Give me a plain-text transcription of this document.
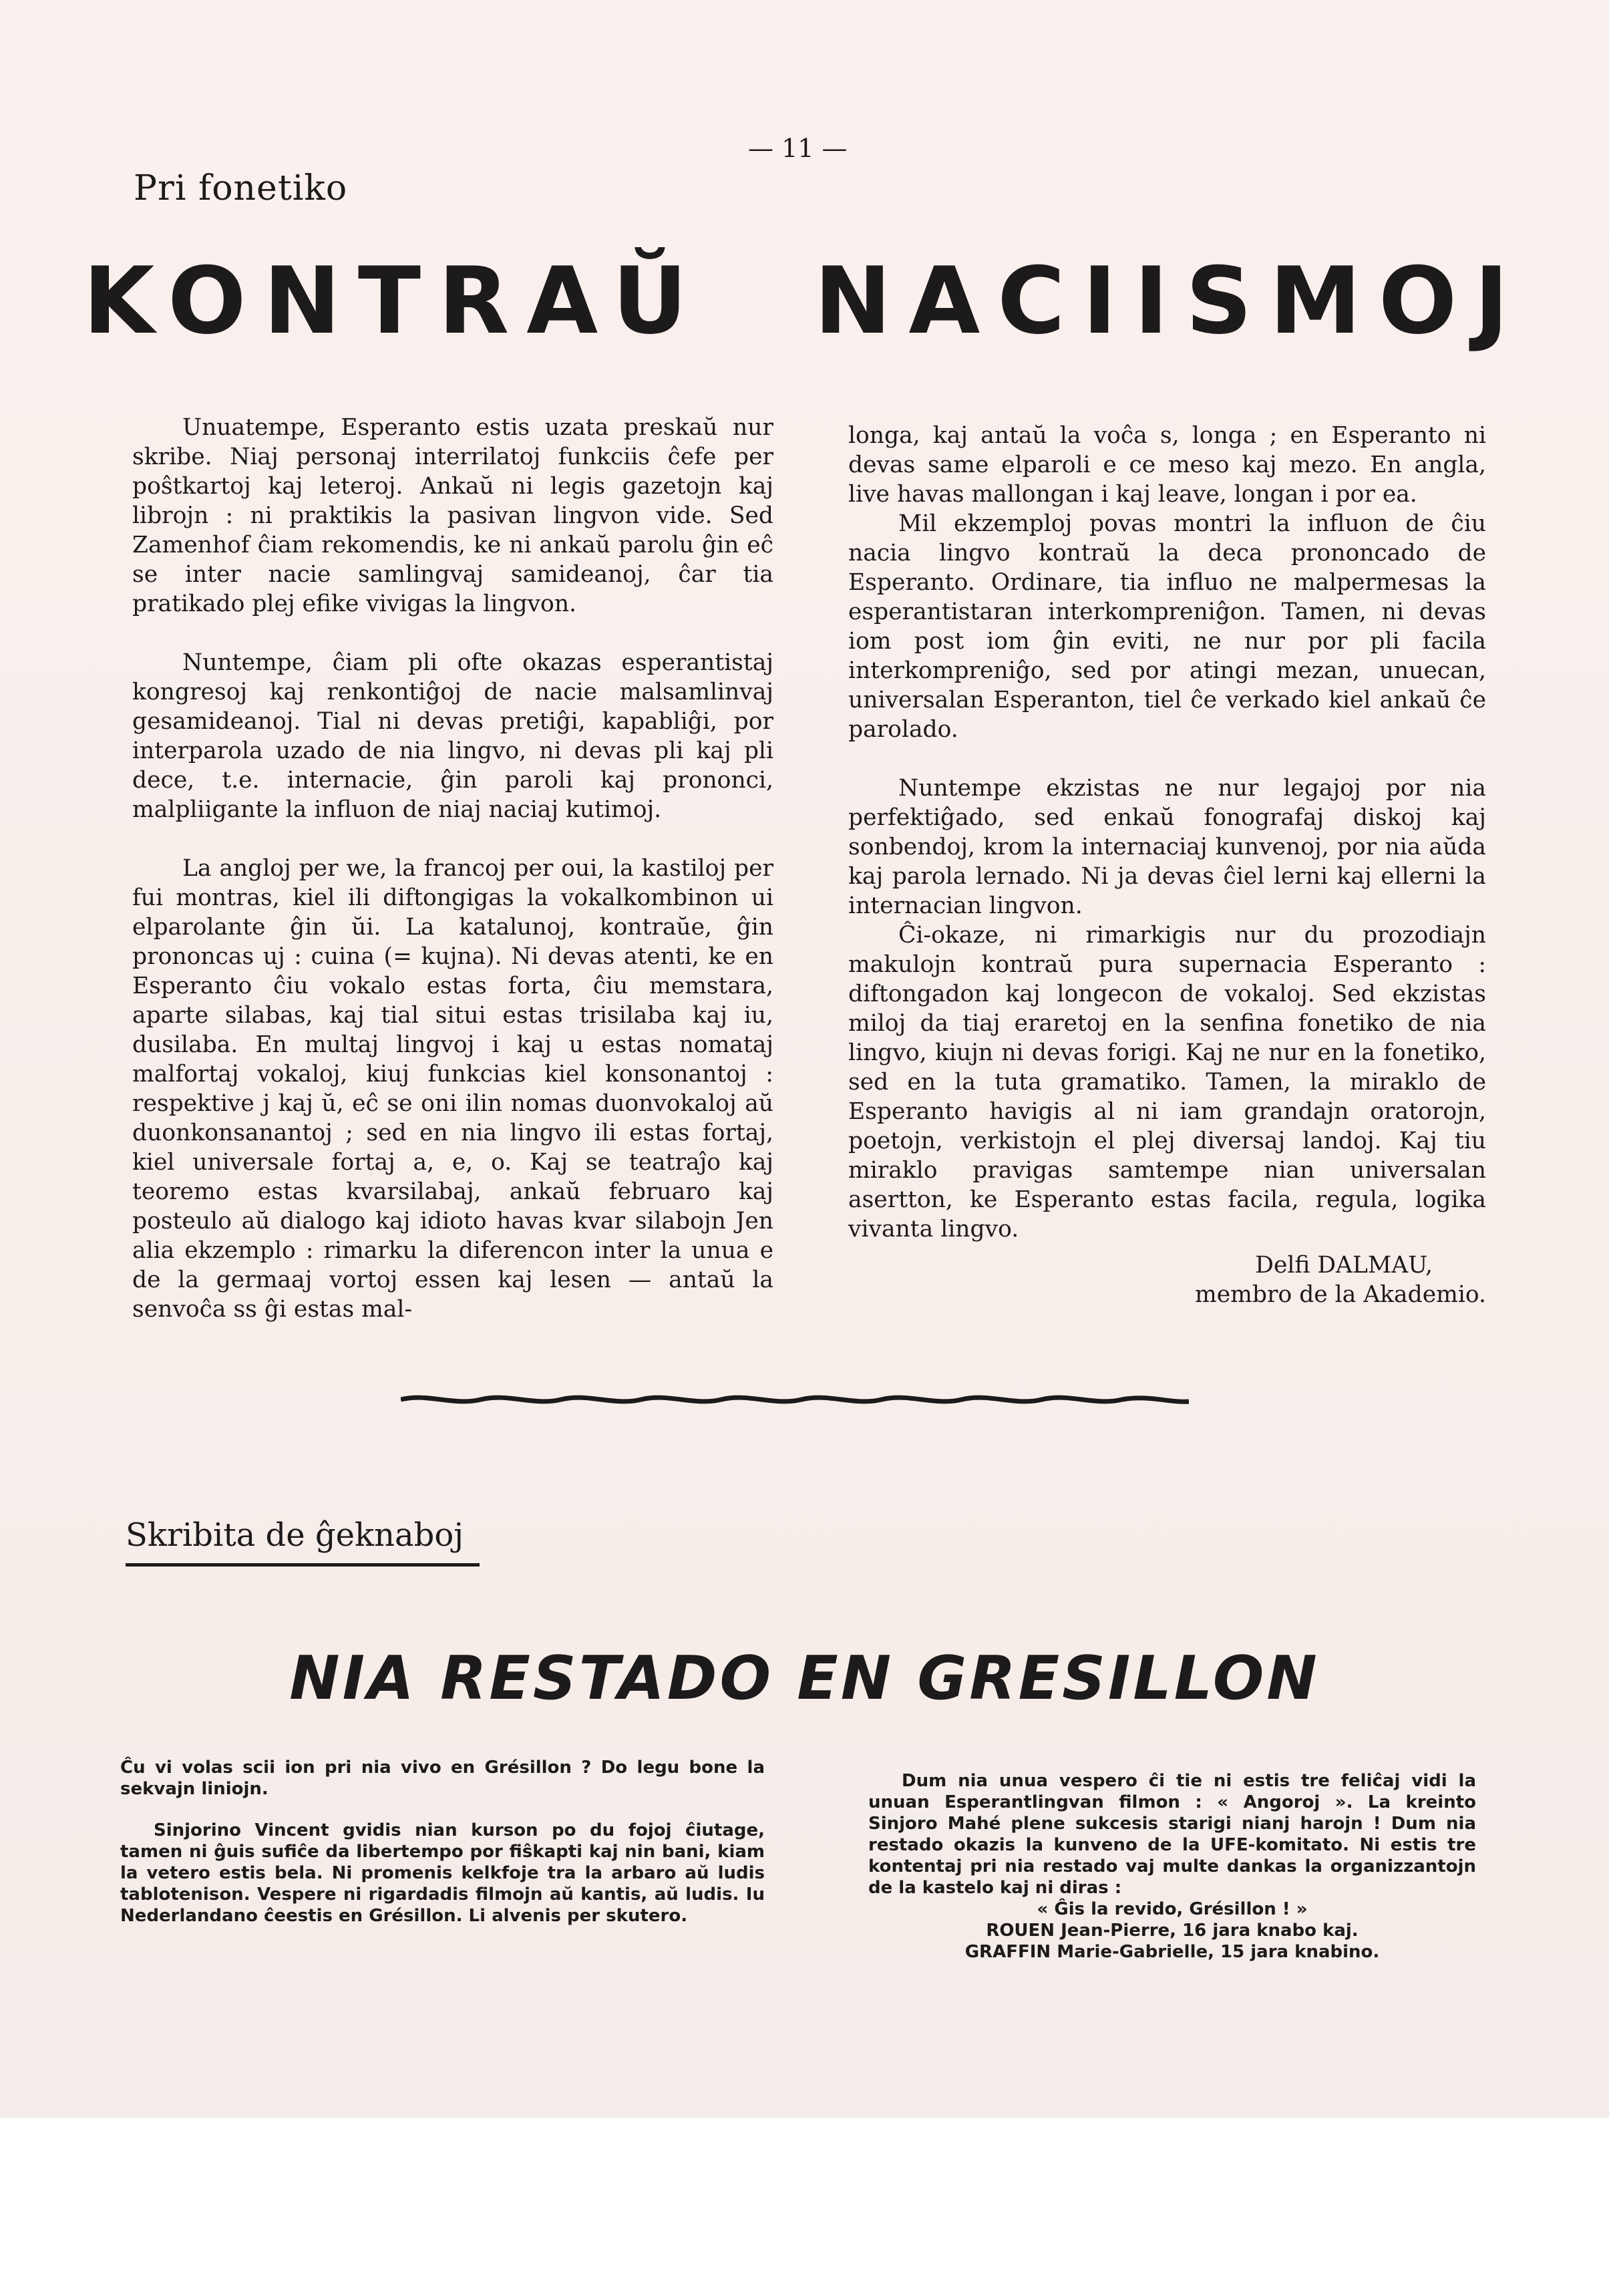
— 11 —
Pri fonetiko
KONTRAŬ NACIISMOJ

Unuatempe, Esperanto estis uzata preskaŭ nur skribe. Niaj personaj interrilatoj funkciis ĉefe per poŝtkartoj kaj leteroj. Ankaŭ ni legis gazetojn kaj librojn : ni praktikis la pasivan lingvon vide. Sed Zamenhof ĉiam rekomendis, ke ni ankaŭ parolu ĝin eĉ se inter nacie samlingvaj samideanoj, ĉar tia pratikado plej efike vivigas la lingvon.

Nuntempe, ĉiam pli ofte okazas esperantistaj kongresoj kaj renkontiĝoj de nacie malsamlinvaj gesamideanoj. Tial ni devas pretiĝi, kapabliĝi, por interparola uzado de nia lingvo, ni devas pli kaj pli dece, t.e. internacie, ĝin paroli kaj prononci, malpliigante la influon de niaj naciaj kutimoj.

La angloj per we, la francoj per oui, la kastiloj per fui montras, kiel ili diftongigas la vokalkombinon ui elparolante ĝin ŭi. La katalunoj, kontraŭe, ĝin prononcas uj : cuina (= kujna). Ni devas atenti, ke en Esperanto ĉiu vokalo estas forta, ĉiu memstara, aparte silabas, kaj tial situi estas trisilaba kaj iu, dusilaba. En multaj lingvoj i kaj u estas nomataj malfortaj vokaloj, kiuj funkcias kiel konsonantoj : respektive j kaj ŭ, eĉ se oni ilin nomas duonvokaloj aŭ duonkonsanantoj ; sed en nia lingvo ili estas fortaj, kiel universale fortaj a, e, o. Kaj se teatraĵo kaj teoremo estas kvarsilabaj, ankaŭ februaro kaj posteulo aŭ dialogo kaj idioto havas kvar silabojn Jen alia ekzemplo : rimarku la diferencon inter la unua e de la germaaj vortoj essen kaj lesen — antaŭ la senvoĉa ss ĝi estas mal-

longa, kaj antaŭ la voĉa s, longa ; en Esperanto ni devas same elparoli e ce meso kaj mezo. En angla, live havas mallongan i kaj leave, longan i por ea.

Mil ekzemploj povas montri la influon de ĉiu nacia lingvo kontraŭ la deca prononcado de Esperanto. Ordinare, tia influo ne malpermesas la esperantistaran interkompreniĝon. Tamen, ni devas iom post iom ĝin eviti, ne nur por pli facila interkompreniĝo, sed por atingi mezan, unuecan, universalan Esperanton, tiel ĉe verkado kiel ankaŭ ĉe parolado.

Nuntempe ekzistas ne nur legajoj por nia perfektiĝado, sed enkaŭ fonografaj diskoj kaj sonbendoj, krom la internaciaj kunvenoj, por nia aŭda kaj parola lernado. Ni ja devas ĉiel lerni kaj ellerni la internacian lingvon.

Ĉi-okaze, ni rimarkigis nur du prozodiajn makulojn kontraŭ pura supernacia Esperanto : diftongadon kaj longecon de vokaloj. Sed ekzistas miloj da tiaj eraretoj en la senfina fonetiko de nia lingvo, kiujn ni devas forigi. Kaj ne nur en la fonetiko, sed en la tuta gramatiko. Tamen, la miraklo de Esperanto havigis al ni iam grandajn oratorojn, poetojn, verkistojn el plej diversaj landoj. Kaj tiu miraklo pravigas samtempe nian universalan asertton, ke Esperanto estas facila, regula, logika vivanta lingvo.

Delfi DALMAU,

membro de la Akademio.

Skribita de ĝeknaboj
NIA RESTADO EN GRESILLON

Ĉu vi volas scii ion pri nia vivo en Grésillon ? Do legu bone la sekvajn liniojn.

Sinjorino Vincent gvidis nian kurson po du fojoj ĉiutage, tamen ni ĝuis sufiĉe da libertempo por fiŝkapti kaj nin bani, kiam la vetero estis bela. Ni promenis kelkfoje tra la arbaro aŭ ludis tablotenison. Vespere ni rigardadis filmojn aŭ kantis, aŭ ludis. Iu Nederlandano ĉeestis en Grésillon. Li alvenis per skutero.

Dum nia unua vespero ĉi tie ni estis tre feliĉaj vidi la unuan Esperantlingvan filmon : « Angoroj ». La kreinto Sinjoro Mahé plene sukcesis starigi nianj harojn ! Dum nia restado okazis la kunveno de la UFE-komitato. Ni estis tre kontentaj pri nia restado vaj multe dankas la organizzantojn de la kastelo kaj ni diras :

« Ĝis la revido, Grésillon ! »

ROUEN Jean-Pierre, 16 jara knabo kaj.

GRAFFIN Marie-Gabrielle, 15 jara knabino.
